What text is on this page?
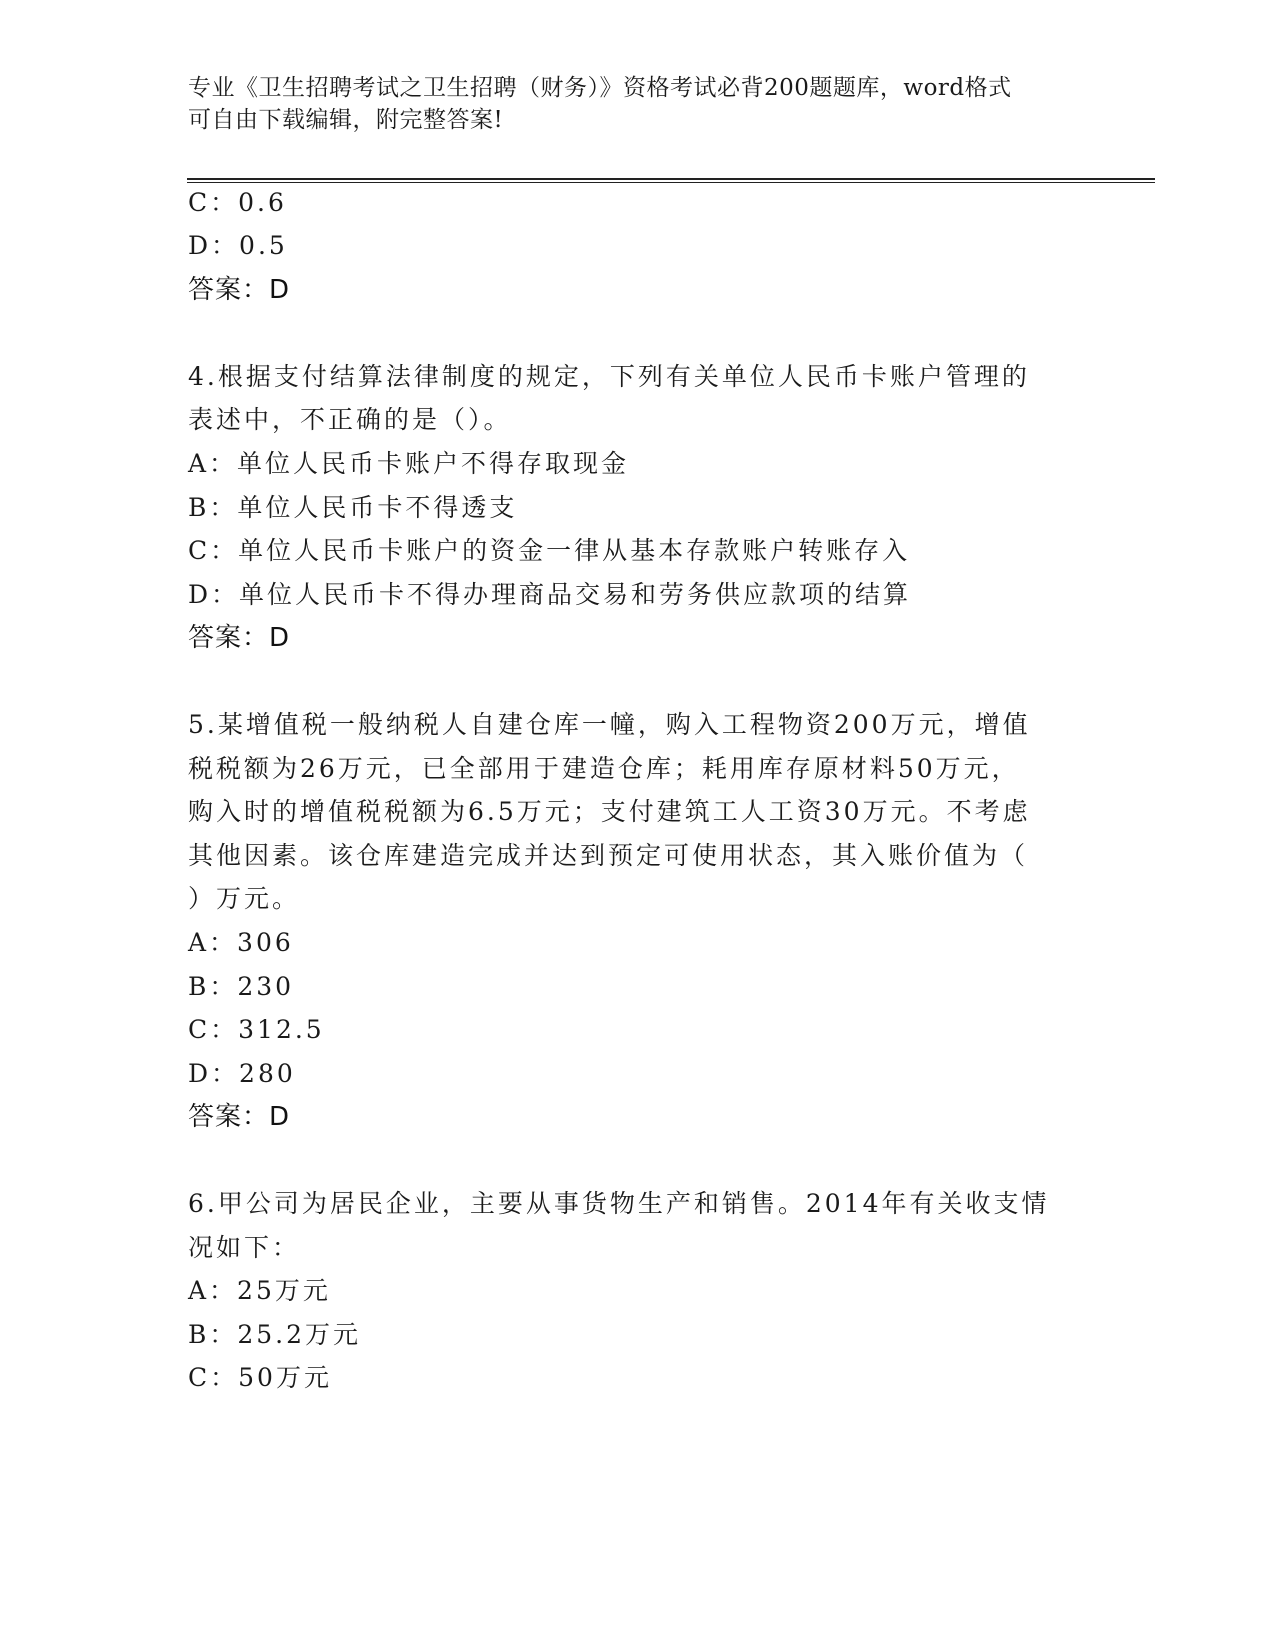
专业《卫生招聘考试之卫生招聘（财务）》资格考试必背200题题库，word格式
可自由下载编辑，附完整答案!
C：0.6
D：0.5
答案：D
4.根据支付结算法律制度的规定，下列有关单位人民币卡账户管理的
表述中，不正确的是（）。
A：单位人民币卡账户不得存取现金
B：单位人民币卡不得透支
C：单位人民币卡账户的资金一律从基本存款账户转账存入
D：单位人民币卡不得办理商品交易和劳务供应款项的结算
答案：D
5.某增值税一般纳税人自建仓库一幢，购入工程物资200万元，增值
税税额为26万元，已全部用于建造仓库；耗用库存原材料50万元，
购入时的增值税税额为6.5万元；支付建筑工人工资30万元。不考虑
其他因素。该仓库建造完成并达到预定可使用状态，其入账价值为（
）万元。
A：306
B：230
C：312.5
D：280
答案：D
6.甲公司为居民企业，主要从事货物生产和销售。2014年有关收支情
况如下：
A：25万元
B：25.2万元
C：50万元
